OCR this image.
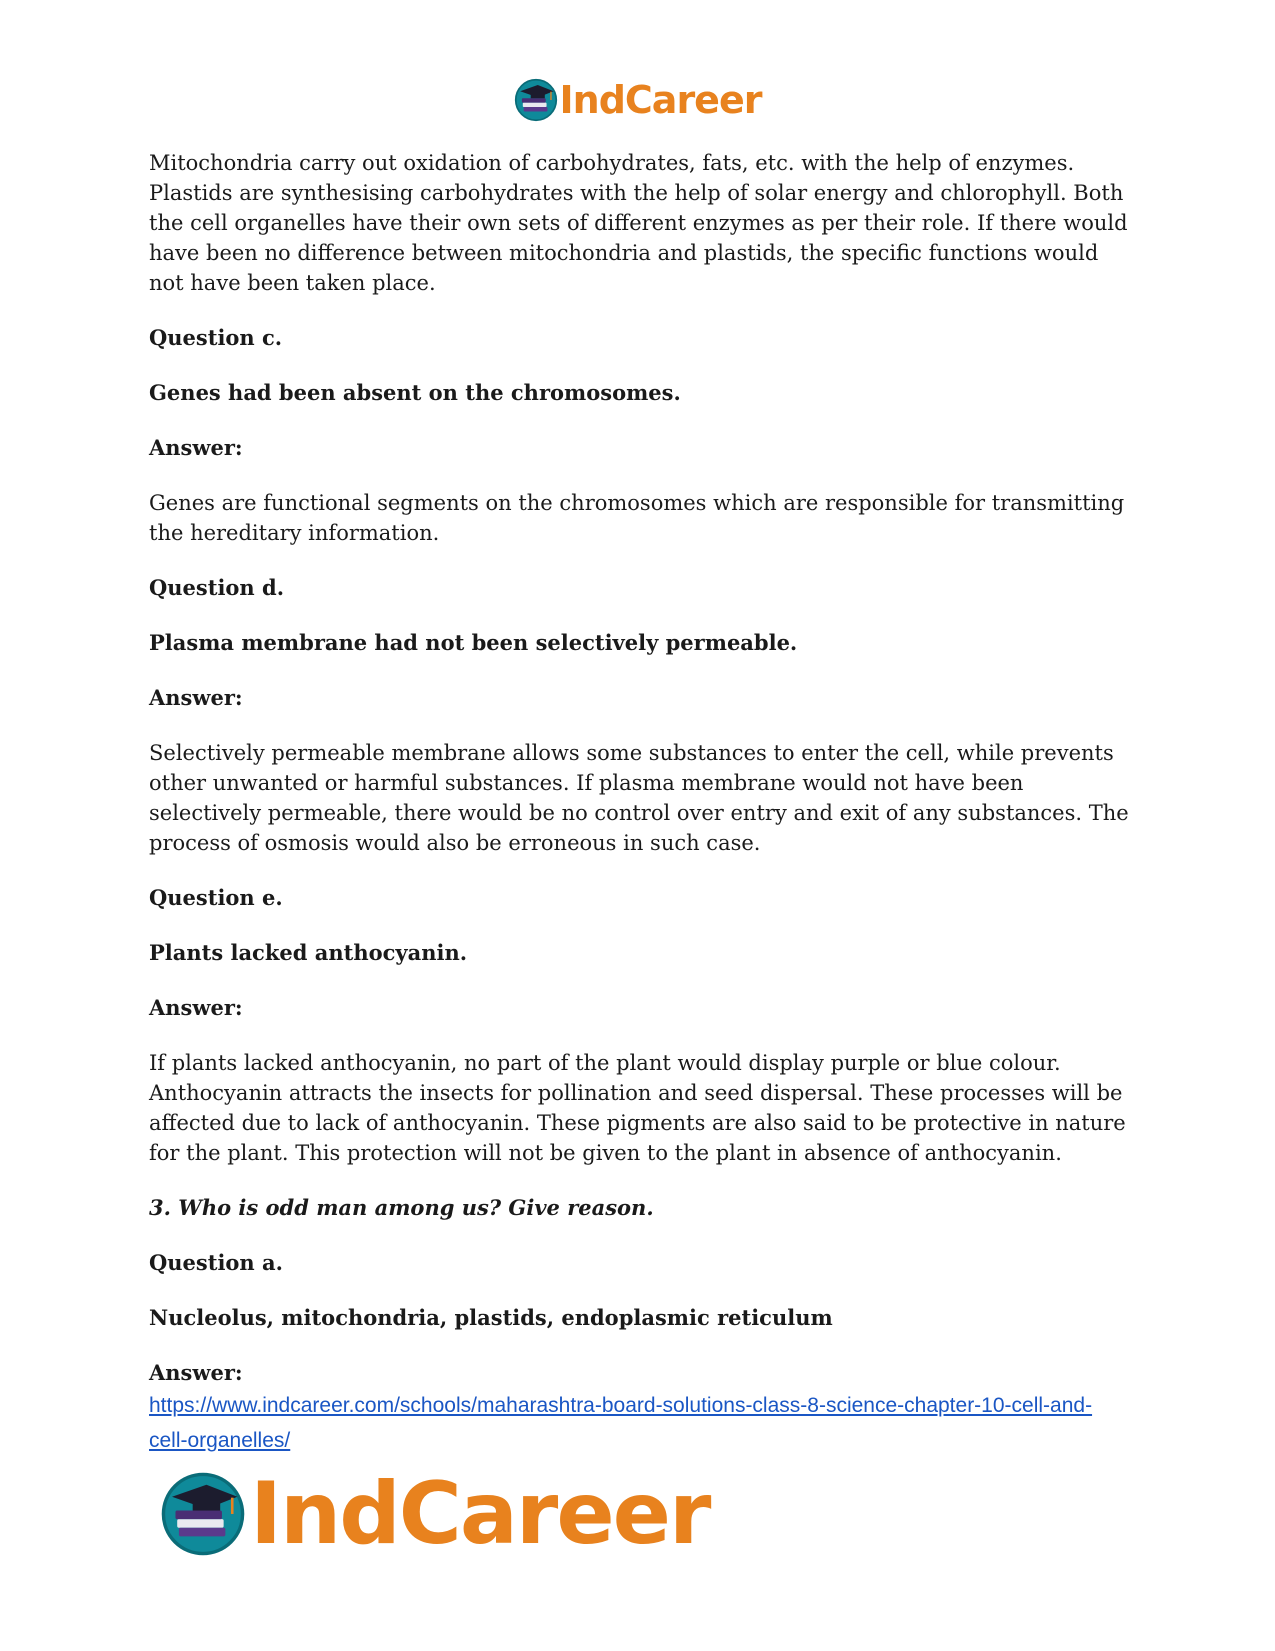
IndCareer

Mitochondria carry out oxidation of carbohydrates, fats, etc. with the help of enzymes. Plastids are synthesising carbohydrates with the help of solar energy and chlorophyll. Both the cell organelles have their own sets of different enzymes as per their role. If there would have been no difference between mitochondria and plastids, the specific functions would not have been taken place.

Question c.

Genes had been absent on the chromosomes.

Answer:

Genes are functional segments on the chromosomes which are responsible for transmitting the hereditary information.

Question d.

Plasma membrane had not been selectively permeable.

Answer:

Selectively permeable membrane allows some substances to enter the cell, while prevents other unwanted or harmful substances. If plasma membrane would not have been selectively permeable, there would be no control over entry and exit of any substances. The process of osmosis would also be erroneous in such case.

Question e.

Plants lacked anthocyanin.

Answer:

If plants lacked anthocyanin, no part of the plant would display purple or blue colour. Anthocyanin attracts the insects for pollination and seed dispersal. These processes will be affected due to lack of anthocyanin. These pigments are also said to be protective in nature for the plant. This protection will not be given to the plant in absence of anthocyanin.

3. Who is odd man among us? Give reason.

Question a.

Nucleolus, mitochondria, plastids, endoplasmic reticulum

Answer:

https://www.indcareer.com/schools/maharashtra-board-solutions-class-8-science-chapter-10-cell-and-cell-organelles/
IndCareer
